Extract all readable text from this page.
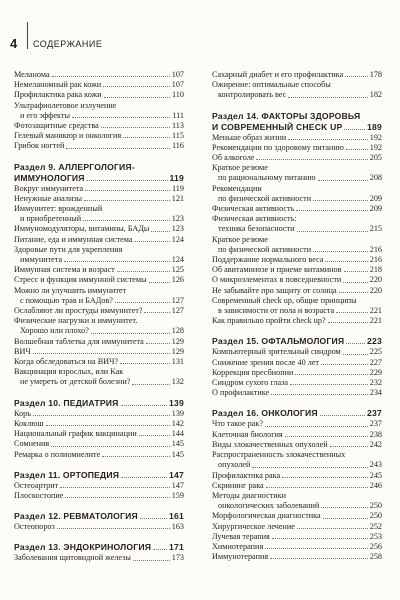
4 СОДЕРЖАНИЕ
Меланома	107
Немеланомный рак кожи	107
Профилактика рака кожи	110
Ультрафиолетовое излучение
и его эффекты	111
Фотозащитные средства	113
Гелевый маникюр и онкология	115
Грибок ногтей	116
Раздел 9. АЛЛЕРГОЛОГИЯ-
ИММУНОЛОГИЯ	119
Вокруг иммунитета	119
Ненужные анализы	121
Иммунитет: врожденный
и приобретенный	123
Иммуномодуляторы, витамины, БАДы	123
Питание, еда и иммунная система	124
Здоровые пути для укрепления
иммунитета	124
Иммунная система и возраст	125
Стресс и функция иммунной системы	126
Можно ли улучшить иммунитет
с помощью трав и БАДов?	127
Ослабляют ли простуды иммунитет?	127
Физические нагрузки и иммунитет.
Хорошо или плохо?	128
Волшебная таблетка для иммунитета	129
ВИЧ	129
Когда обследоваться на ВИЧ?	131
Вакцинация взрослых, или Как
не умереть от детской болезни?	132
Раздел 10. ПЕДИАТРИЯ	139
Корь	139
Коклюш	142
Национальный график вакцинации	144
Сомнения	145
Ремарка о полиомиелите	145
Раздел 11. ОРТОПЕДИЯ	147
Остеоартрит	147
Плоскостопие	159
Раздел 12. РЕВМАТОЛОГИЯ	161
Остеопороз	163
Раздел 13. ЭНДОКРИНОЛОГИЯ 171
Заболевания щитовидной железы	173
Сахарный диабет и его профилактика	178
Ожирение: оптимальные способы
контролировать вес	182
Раздел 14. ФАКТОРЫ ЗДОРОВЬЯ
И СОВРЕМЕННЫЙ CHECK UP	189
Меньше образ жизни	192
Рекомендации по здоровому питанию	192
Об алкоголе	205
Краткое резюме
по рациональному питанию	208
Рекомендации
по физической активности	209
Физическая активность	209
Физическая активность:
техника безопасности	215
Краткое резюме
по физической активности	216
Поддержание нормального веса	216
Об авитаминозе и приеме витаминов	218
О микроэлементах в повседневности	220
Не забывайте про защиту от солнца	220
Современный check up, общие принципы
в зависимости от пола и возраста	221
Как правильно пройти check up?	221
Раздел 15. ОФТАЛЬМОЛОГИЯ	223
Компьютерный зрительный синдром	225
Снижение зрения после 40 лет	227
Коррекция пресбиопии	229
Синдром сухого глаза	232
О профилактике	234
Раздел 16. ОНКОЛОГИЯ	237
Что такое рак?	237
Клеточная биология	238
Виды злокачественных опухолей	242
Распространенность злокачественных
опухолей	243
Профилактика рака	245
Скрининг рака	246
Методы диагностики
онкологических заболеваний	250
Морфологическая диагностика	250
Хирургическое лечение	252
Лучевая терапия	253
Химиотерапия	256
Иммунотерапия	258
